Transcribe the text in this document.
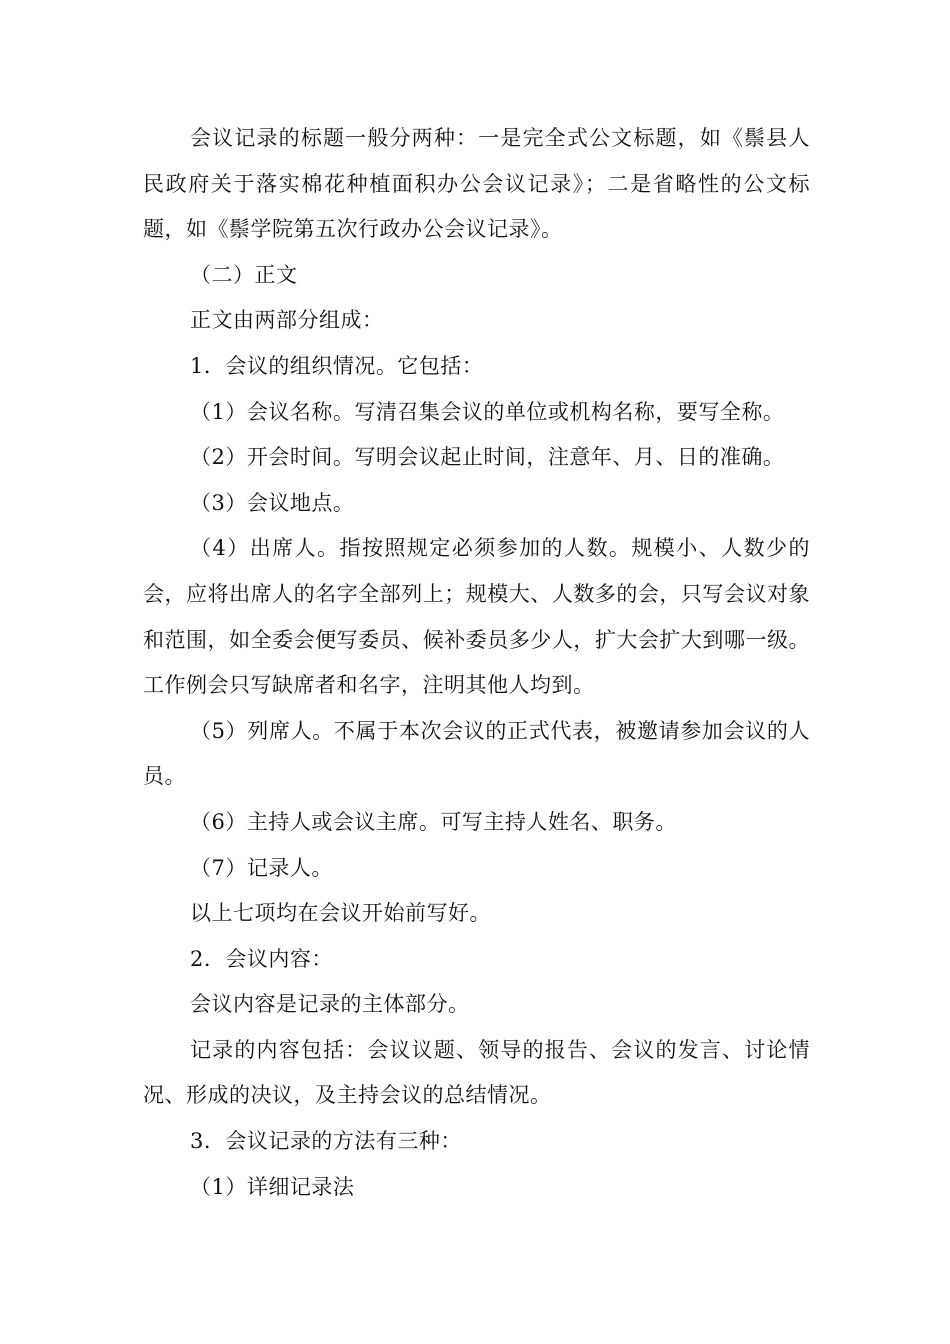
会议记录的标题一般分两种：一是完全式公文标题，如《鬃县人民政府关于落实棉花种植面积办公会议记录》；二是省略性的公文标题，如《鬃学院第五次行政办公会议记录》。

（二）正文

正文由两部分组成：

1．会议的组织情况。它包括：

（1）会议名称。写清召集会议的单位或机构名称，要写全称。

（2）开会时间。写明会议起止时间，注意年、月、日的准确。

（3）会议地点。

（4）出席人。指按照规定必须参加的人数。规模小、人数少的会，应将出席人的名字全部列上；规模大、人数多的会，只写会议对象和范围，如全委会便写委员、候补委员多少人，扩大会扩大到哪一级。工作例会只写缺席者和名字，注明其他人均到。

（5）列席人。不属于本次会议的正式代表，被邀请参加会议的人员。

（6）主持人或会议主席。可写主持人姓名、职务。

（7）记录人。

以上七项均在会议开始前写好。

2．会议内容：

会议内容是记录的主体部分。

记录的内容包括：会议议题、领导的报告、会议的发言、讨论情况、形成的决议，及主持会议的总结情况。

3．会议记录的方法有三种：

（1）详细记录法
